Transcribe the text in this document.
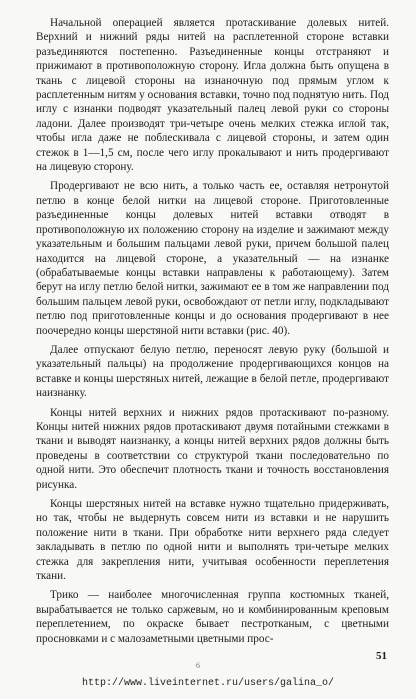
Начальной операцией является протаскивание долевых нитей. Верхний и нижний ряды нитей на расплетенной стороне вставки разъединяются постепенно. Разъединенные концы отстраняют и прижимают в противоположную сторону. Игла должна быть опущена в ткань с лицевой стороны на изнаночную под прямым углом к расплетенным нитям у основания вставки, точно под поднятую нить. Под иглу с изнанки подводят указательный палец левой руки со стороны ладони. Далее производят три-четыре очень мелких стежка иглой так, чтобы игла даже не поблескивала с лицевой стороны, и затем один стежок в 1—1,5 см, после чего иглу прокалывают и нить продергивают на лицевую сторону.

Продергивают не всю нить, а только часть ее, оставляя нетронутой петлю в конце белой нитки на лицевой стороне. Приготовленные разъединенные концы долевых нитей вставки отводят в противоположную их положению сторону на изделие и зажимают между указательным и большим пальцами левой руки, причем большой палец находится на лицевой стороне, а указательный — на изнанке (обрабатываемые концы вставки направлены к работающему). Затем берут на иглу петлю белой нитки, зажимают ее в том же направлении под большим пальцем левой руки, освобождают от петли иглу, подкладывают петлю под приготовленные концы и до основания продергивают в нее поочередно концы шерстяной нити вставки (рис. 40).

Далее отпускают белую петлю, переносят левую руку (большой и указательный пальцы) на продолжение продергивающихся концов на вставке и концы шерстяных нитей, лежащие в белой петле, продергивают наизнанку.

Концы нитей верхних и нижних рядов протаскивают по-разному. Концы нитей нижних рядов протаскивают двумя потайными стежками в ткани и выводят наизнанку, а концы нитей верхних рядов должны быть проведены в соответствии со структурой ткани последовательно по одной нити. Это обеспечит плотность ткани и точность восстановления рисунка.

Концы шерстяных нитей на вставке нужно тщательно придерживать, но так, чтобы не выдернуть совсем нити из вставки и не нарушить положение нити в ткани. При обработке нити верхнего ряда следует закладывать в петлю по одной нити и выполнять три-четыре мелких стежка для закрепления нити, учитывая особенности переплетения ткани.

Трико — наиболее многочисленная группа костюмных тканей, вырабатывается не только саржевым, но и комбинированным креповым переплетением, по окраске бывает пестротканым, с цветными просновками и с малозаметными цветными прос-

51
6
http://www.liveinternet.ru/users/galina_o/
